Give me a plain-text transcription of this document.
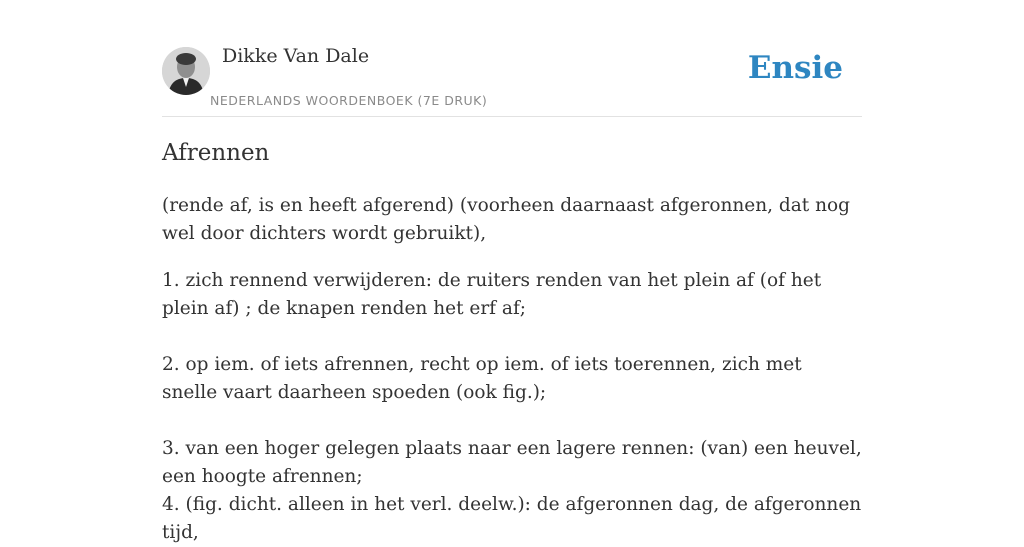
Dikke Van Dale
NEDERLANDS WOORDENBOEK (7E DRUK)
Ensie
Afrennen

(rende af, is en heeft afgerend) (voorheen daarnaast afgeronnen, dat nog wel door dichters wordt gebruikt),

1. zich rennend verwijderen: de ruiters renden van het plein af (of het plein af) ; de knapen renden het erf af;

2. op iem. of iets afrennen, recht op iem. of iets toerennen, zich met snelle vaart daarheen spoeden (ook fig.);

3. van een hoger gelegen plaats naar een lagere rennen: (van) een heuvel, een hoogte afrennen;

4. (fig. dicht. alleen in het verl. deelw.): de afgeronnen dag, de afgeronnen tijd,
